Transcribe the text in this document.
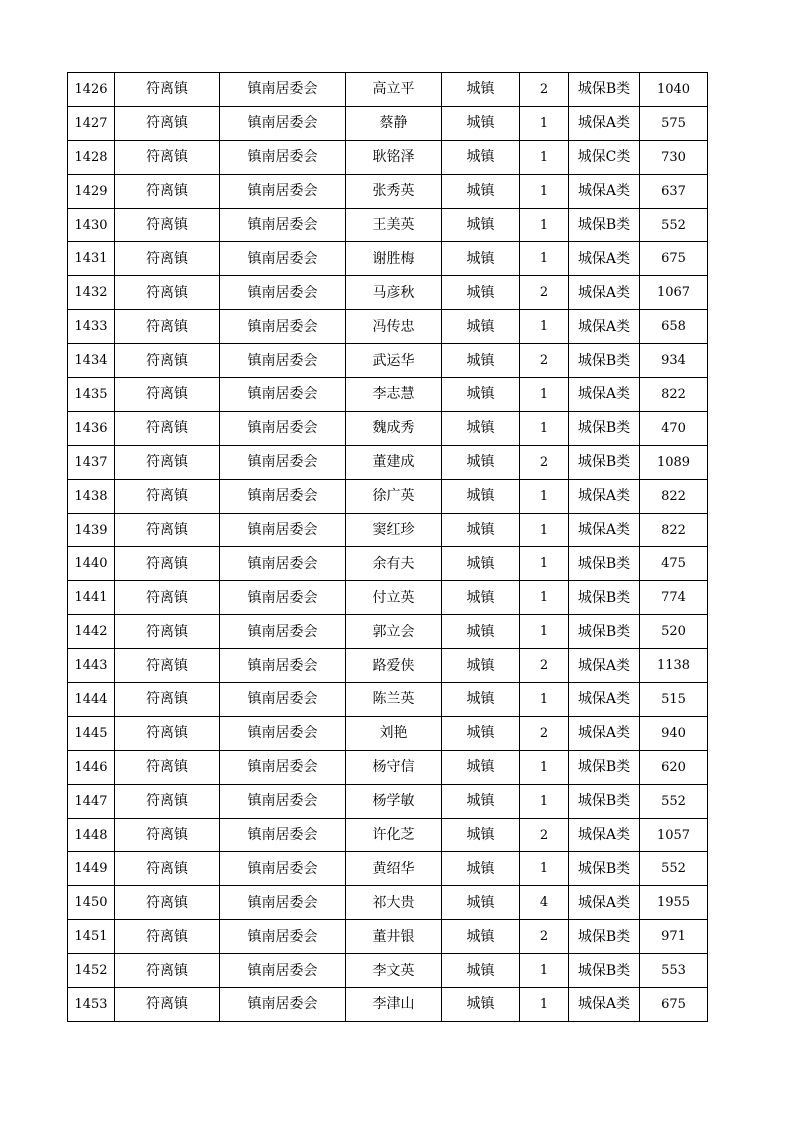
1426	符离镇	镇南居委会	高立平	城镇	2	城保B类	1040
1427	符离镇	镇南居委会	蔡静	城镇	1	城保A类	575
1428	符离镇	镇南居委会	耿铭泽	城镇	1	城保C类	730
1429	符离镇	镇南居委会	张秀英	城镇	1	城保A类	637
1430	符离镇	镇南居委会	王美英	城镇	1	城保B类	552
1431	符离镇	镇南居委会	谢胜梅	城镇	1	城保A类	675
1432	符离镇	镇南居委会	马彦秋	城镇	2	城保A类	1067
1433	符离镇	镇南居委会	冯传忠	城镇	1	城保A类	658
1434	符离镇	镇南居委会	武运华	城镇	2	城保B类	934
1435	符离镇	镇南居委会	李志慧	城镇	1	城保A类	822
1436	符离镇	镇南居委会	魏成秀	城镇	1	城保B类	470
1437	符离镇	镇南居委会	董建成	城镇	2	城保B类	1089
1438	符离镇	镇南居委会	徐广英	城镇	1	城保A类	822
1439	符离镇	镇南居委会	窦红珍	城镇	1	城保A类	822
1440	符离镇	镇南居委会	余有夫	城镇	1	城保B类	475
1441	符离镇	镇南居委会	付立英	城镇	1	城保B类	774
1442	符离镇	镇南居委会	郭立会	城镇	1	城保B类	520
1443	符离镇	镇南居委会	路爱侠	城镇	2	城保A类	1138
1444	符离镇	镇南居委会	陈兰英	城镇	1	城保A类	515
1445	符离镇	镇南居委会	刘艳	城镇	2	城保A类	940
1446	符离镇	镇南居委会	杨守信	城镇	1	城保B类	620
1447	符离镇	镇南居委会	杨学敏	城镇	1	城保B类	552
1448	符离镇	镇南居委会	许化芝	城镇	2	城保A类	1057
1449	符离镇	镇南居委会	黄绍华	城镇	1	城保B类	552
1450	符离镇	镇南居委会	祁大贵	城镇	4	城保A类	1955
1451	符离镇	镇南居委会	董井银	城镇	2	城保B类	971
1452	符离镇	镇南居委会	李文英	城镇	1	城保B类	553
1453	符离镇	镇南居委会	李津山	城镇	1	城保A类	675
